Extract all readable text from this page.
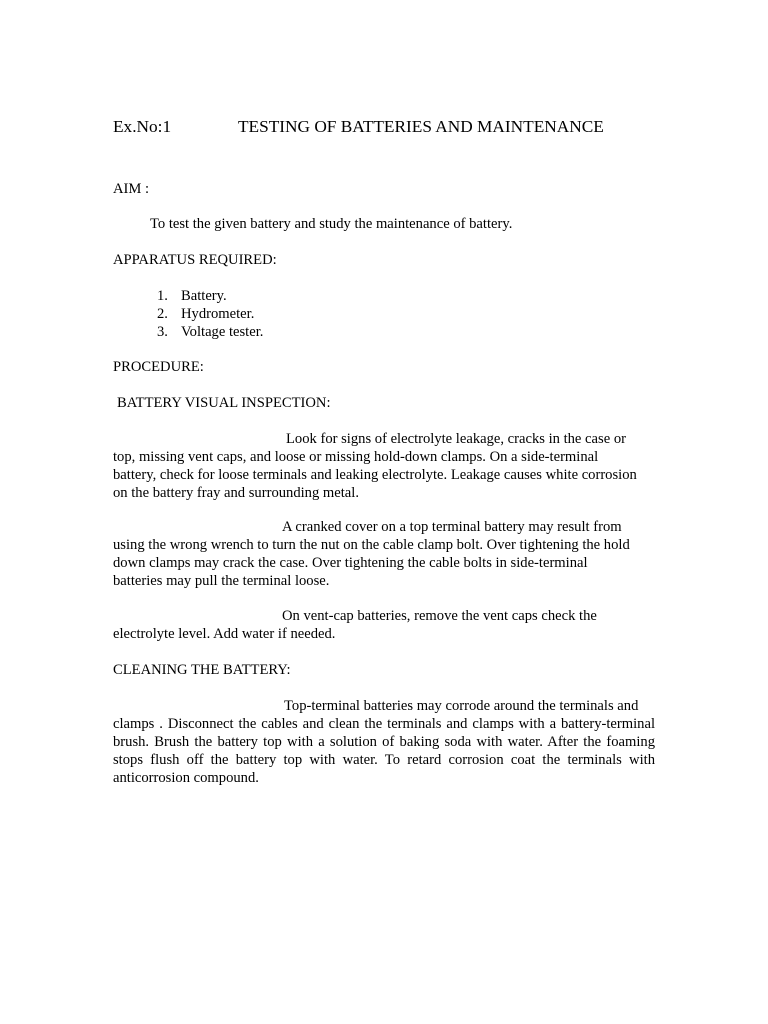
Ex.No:1	TESTING OF BATTERIES AND MAINTENANCE
AIM :
To test the given battery and study the maintenance of battery.
APPARATUS REQUIRED:
1. Battery.
2. Hydrometer.
3. Voltage tester.
PROCEDURE:
BATTERY VISUAL INSPECTION:

Look for signs of electrolyte leakage, cracks in the case or

top, missing vent caps, and loose or missing hold-down clamps. On a side-terminal

battery, check for loose terminals and leaking electrolyte. Leakage causes white corrosion

on the battery fray and surrounding metal.

A cranked cover on a top terminal battery may result from

using the wrong wrench to turn the nut on the cable clamp bolt. Over tightening the hold

down clamps may crack the case. Over tightening the cable bolts in side-terminal

batteries may pull the terminal loose.

On vent-cap batteries, remove the vent caps check the

electrolyte level. Add water if needed.

CLEANING THE BATTERY:

Top-terminal batteries may corrode around the terminals and

clamps . Disconnect the cables and clean the terminals and clamps with a battery-terminal

brush. Brush the battery top with a solution of baking soda with water. After the foaming

stops flush off the battery top with water. To retard corrosion coat the terminals with

anticorrosion compound.
